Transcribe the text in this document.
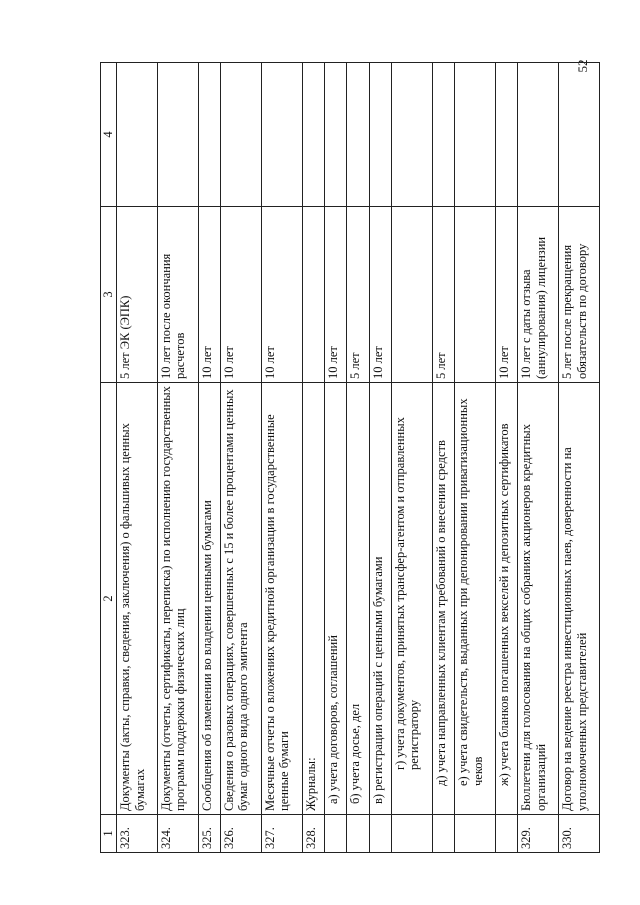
52
1	2	3	4
323.	Документы (акты, справки, сведения, заключения) о фальшивых ценных бумагах	5 лет ЭК (ЭПК)	
324.	Документы (отчеты, сертификаты, переписка) по исполнению государственных программ поддержки физических лиц	10 лет после окончания расчетов	
325.	Сообщения об изменении во владении ценными бумагами	10 лет	
326.	Сведения о разовых операциях, совершенных с 15 и более процентами ценных бумаг одного вида одного эмитента	10 лет	
327.	Месячные отчеты о вложениях кредитной организации в государственные ценные бумаги	10 лет	
328.	Журналы:		
	а) учета договоров, соглашений	10 лет	
	б) учета досье, дел	5 лет	
	в) регистрации операций с ценными бумагами	10 лет	
	г) учета документов, принятых трансфер-агентом и отправленных регистратору		
	д) учета направленных клиентам требований о внесении средств	5 лет	
	е) учета свидетельств, выданных при депонировании приватизационных чеков		
	ж) учета бланков погашенных векселей и депозитных сертификатов	10 лет	
329.	Бюллетени для голосования на общих собраниях акционеров кредитных организаций	10 лет с даты отзыва (аннулирования) лицензии	
330.	Договор на ведение реестра инвестиционных паев, доверенности на уполномоченных представителей	5 лет после прекращения обязательств по договору	
